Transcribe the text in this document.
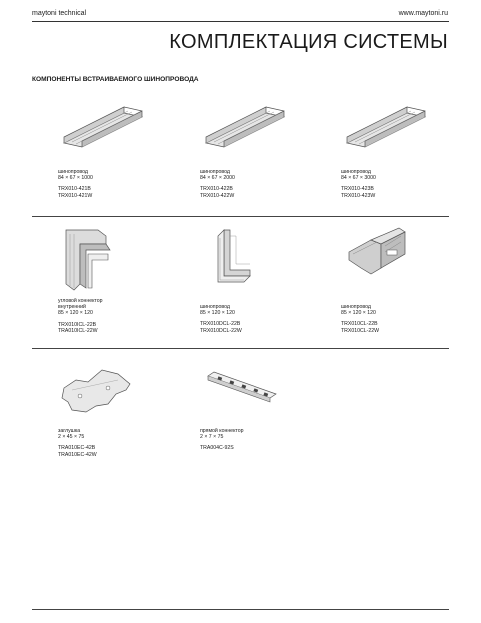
maytoni technical	www.maytoni.ru
КОМПЛЕКТАЦИЯ СИСТЕМЫ
КОМПОНЕНТЫ ВСТРАИВАЕМОГО ШИНОПРОВОДА
шинопровод
84 × 67 × 1000
TRX010-421B
TRX010-421W
шинопровод
84 × 67 × 2000
TRX010-422B
TRX010-422W
шинопровод
84 × 67 × 3000
TRX010-423B
TRX010-423W
угловой коннектор
внутренний
85 × 120 × 120
TRX010ICL-22B
TRA010ICL-22W
шинопровод
85 × 120 × 120
TRX010DCL-22B
TRX010DCL-22W
шинопровод
85 × 120 × 120
TRX010CL-22B
TRX010CL-22W
заглушка
2 × 45 × 75
TRA010EC-42B
TRA010EC-42W
прямой коннектор
2 × 7 × 75
TRA004C-92S
